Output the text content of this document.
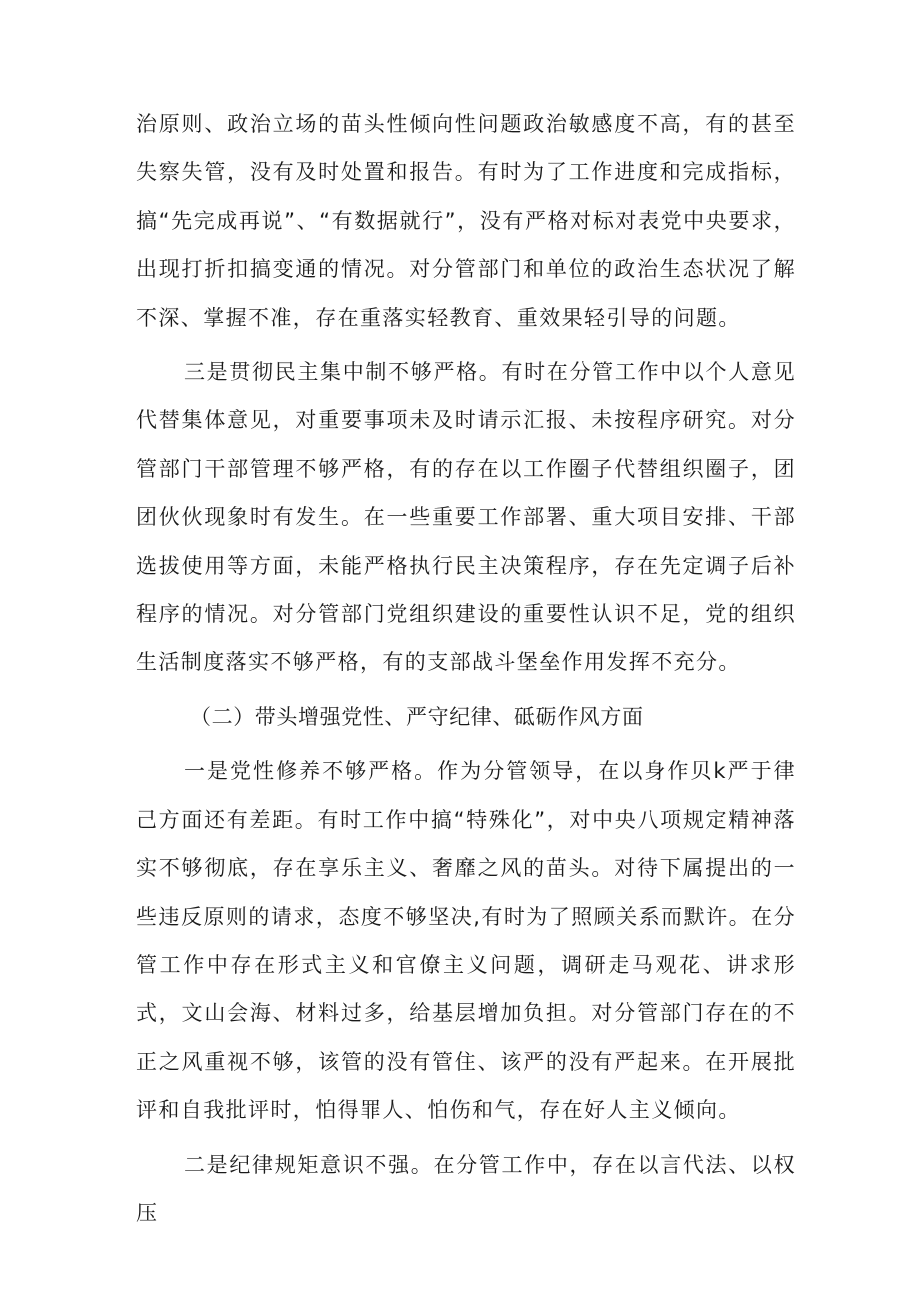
治原则、政治立场的苗头性倾向性问题政治敏感度不高，有的甚至失察失管，没有及时处置和报告。有时为了工作进度和完成指标，搞“先完成再说”、“有数据就行”，没有严格对标对表党中央要求，出现打折扣搞变通的情况。对分管部门和单位的政治生态状况了解不深、掌握不准，存在重落实轻教育、重效果轻引导的问题。

三是贯彻民主集中制不够严格。有时在分管工作中以个人意见代替集体意见，对重要事项未及时请示汇报、未按程序研究。对分管部门干部管理不够严格，有的存在以工作圈子代替组织圈子，团团伙伙现象时有发生。在一些重要工作部署、重大项目安排、干部选拔使用等方面，未能严格执行民主决策程序，存在先定调子后补程序的情况。对分管部门党组织建设的重要性认识不足，党的组织生活制度落实不够严格，有的支部战斗堡垒作用发挥不充分。

（二）带头增强党性、严守纪律、砥砺作风方面

一是党性修养不够严格。作为分管领导，在以身作贝k严于律己方面还有差距。有时工作中搞“特殊化”，对中央八项规定精神落实不够彻底，存在享乐主义、奢靡之风的苗头。对待下属提出的一些违反原则的请求，态度不够坚决,有时为了照顾关系而默许。在分管工作中存在形式主义和官僚主义问题，调研走马观花、讲求形式，文山会海、材料过多，给基层增加负担。对分管部门存在的不正之风重视不够，该管的没有管住、该严的没有严起来。在开展批评和自我批评时，怕得罪人、怕伤和气，存在好人主义倾向。

二是纪律规矩意识不强。在分管工作中，存在以言代法、以权压
